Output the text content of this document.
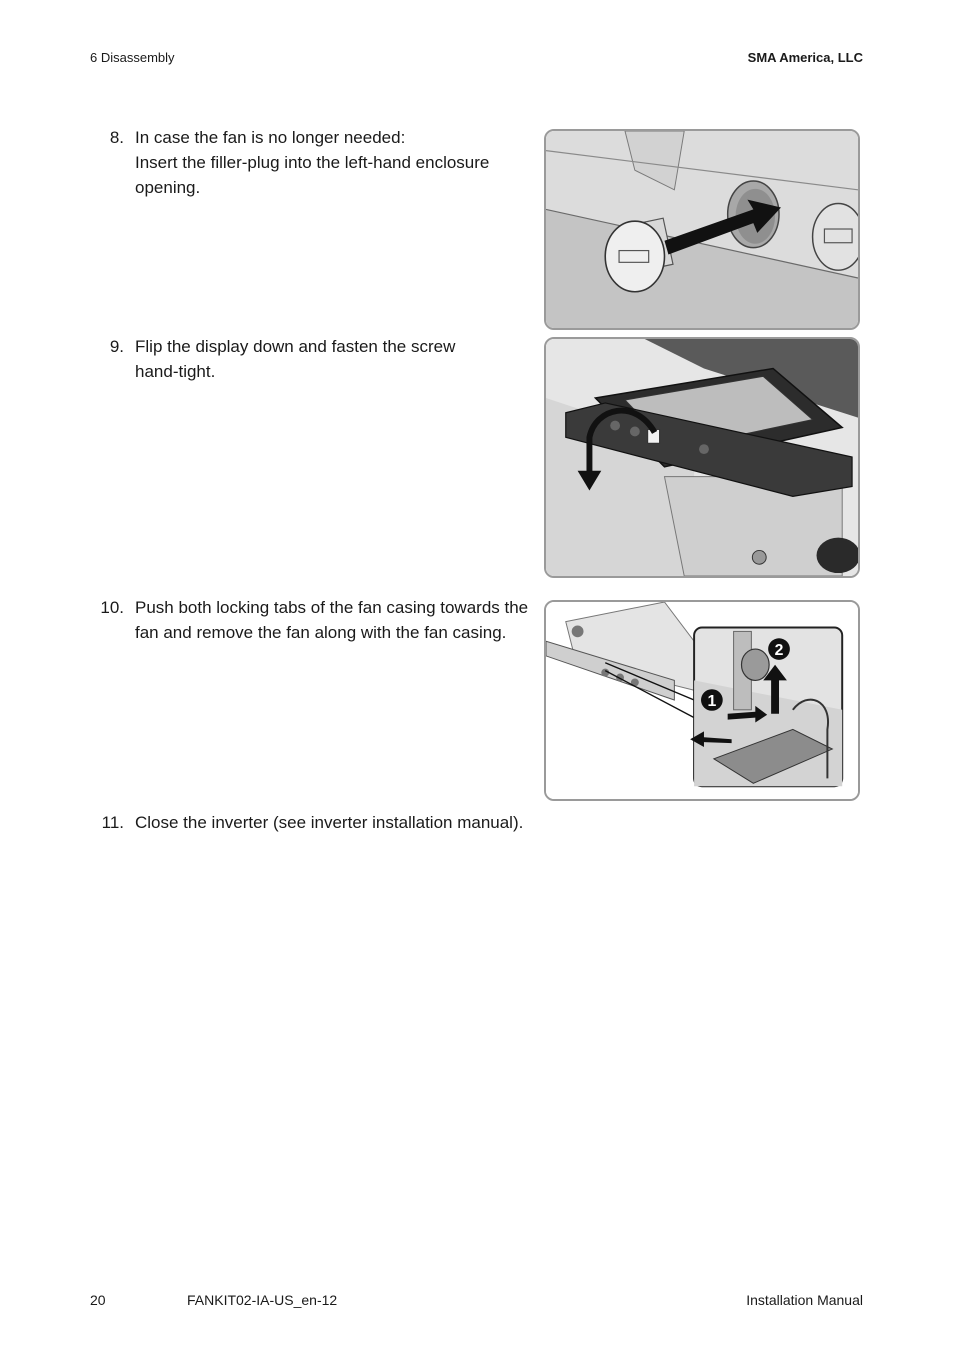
6 Disassembly	SMA America, LLC
8. In case the fan is no longer needed:
Insert the filler-plug into the left-hand enclosure
opening.
9. Flip the display down and fasten the screw
hand-tight.
10. Push both locking tabs of the fan casing towards the
fan and remove the fan along with the fan casing.
11. Close the inverter (see inverter installation manual).
1
2
20	FANKIT02-IA-US_en-12	Installation Manual
